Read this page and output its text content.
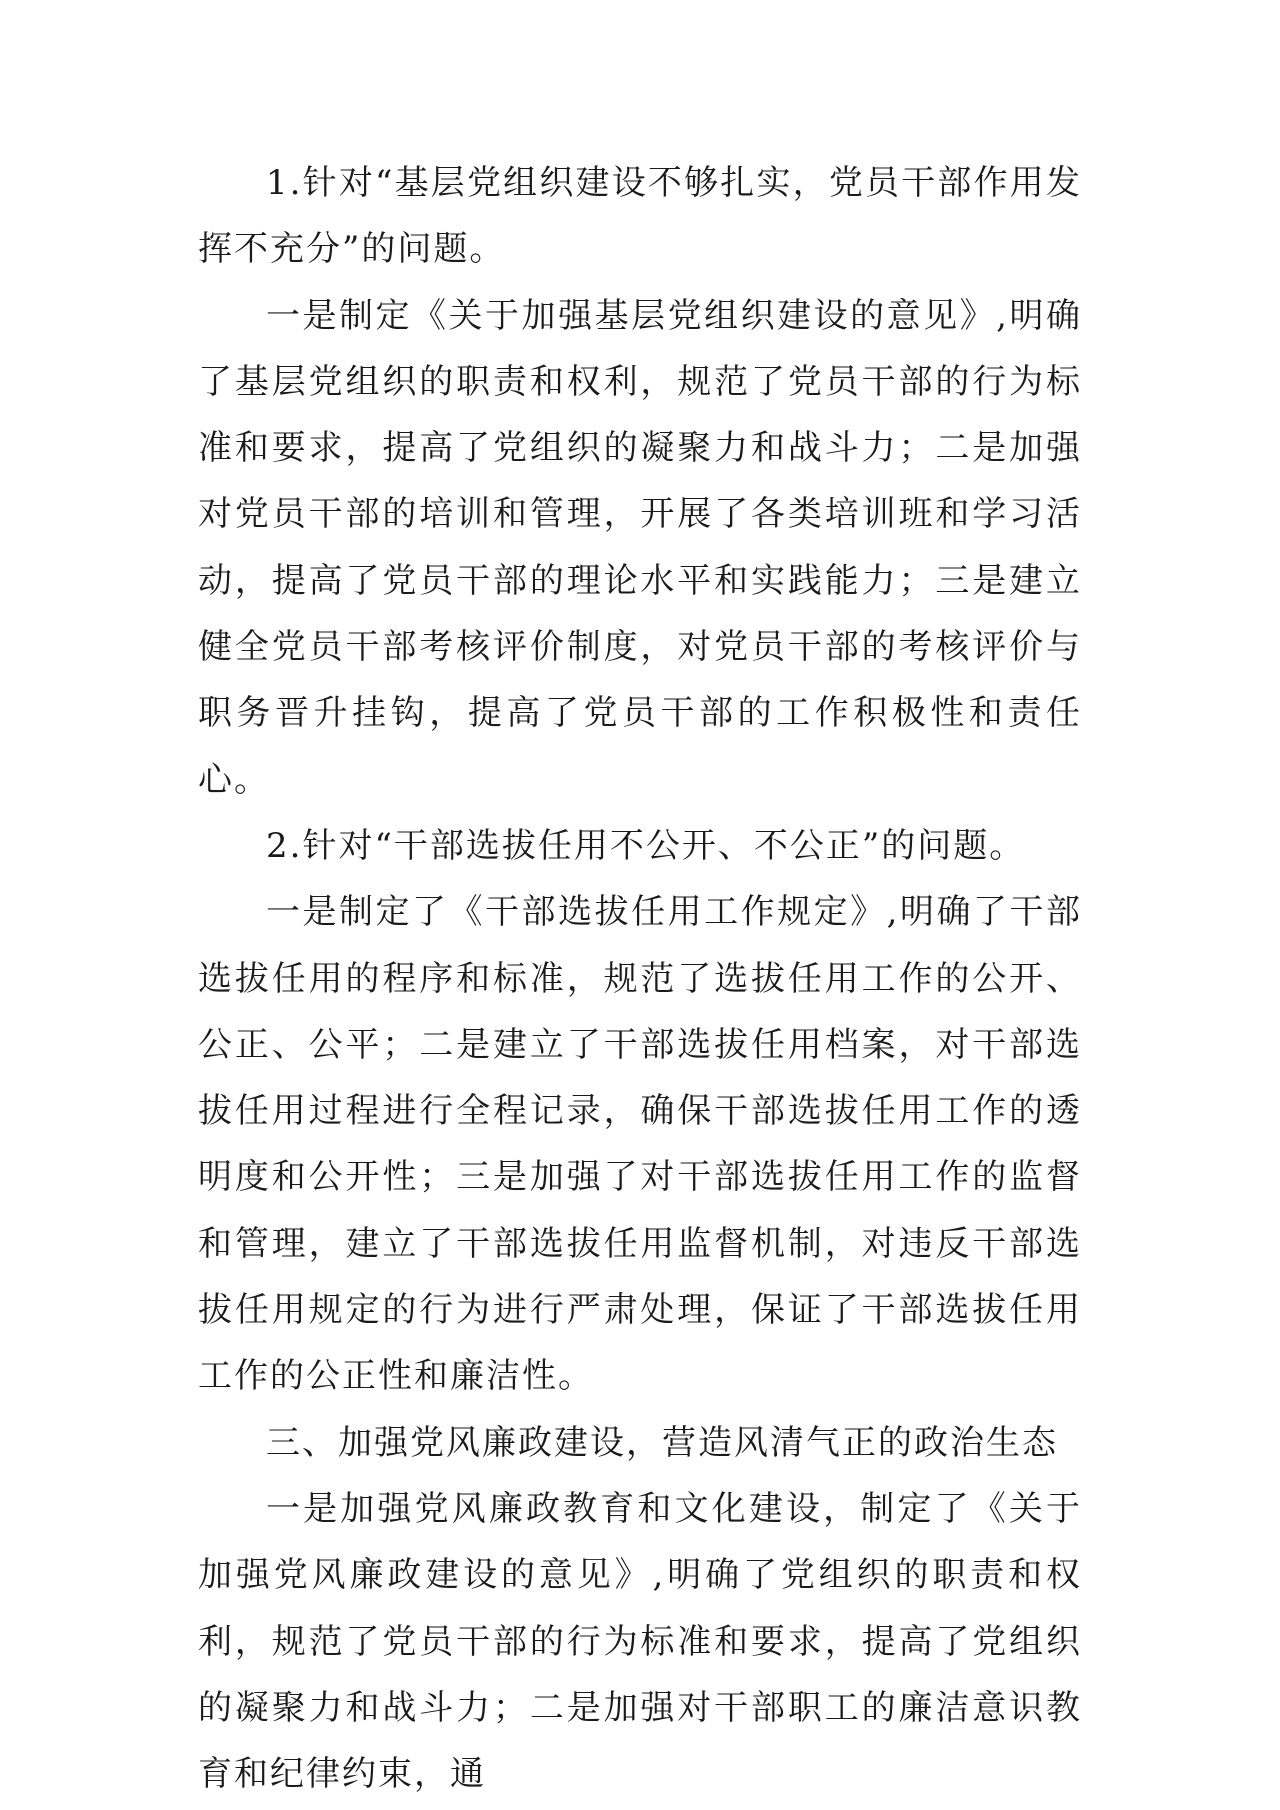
1.针对“基层党组织建设不够扎实，党员干部作用发挥不充分”的问题。

一是制定《关于加强基层党组织建设的意见》,明确了基层党组织的职责和权利，规范了党员干部的行为标准和要求，提高了党组织的凝聚力和战斗力；二是加强对党员干部的培训和管理，开展了各类培训班和学习活动，提高了党员干部的理论水平和实践能力；三是建立健全党员干部考核评价制度，对党员干部的考核评价与职务晋升挂钩，提高了党员干部的工作积极性和责任心。

2.针对“干部选拔任用不公开、不公正”的问题。

一是制定了《干部选拔任用工作规定》,明确了干部选拔任用的程序和标准，规范了选拔任用工作的公开、公正、公平；二是建立了干部选拔任用档案，对干部选拔任用过程进行全程记录，确保干部选拔任用工作的透明度和公开性；三是加强了对干部选拔任用工作的监督和管理，建立了干部选拔任用监督机制，对违反干部选拔任用规定的行为进行严肃处理，保证了干部选拔任用工作的公正性和廉洁性。

三、加强党风廉政建设，营造风清气正的政治生态

一是加强党风廉政教育和文化建设，制定了《关于加强党风廉政建设的意见》,明确了党组织的职责和权利，规范了党员干部的行为标准和要求，提高了党组织的凝聚力和战斗力；二是加强对干部职工的廉洁意识教育和纪律约束，通
